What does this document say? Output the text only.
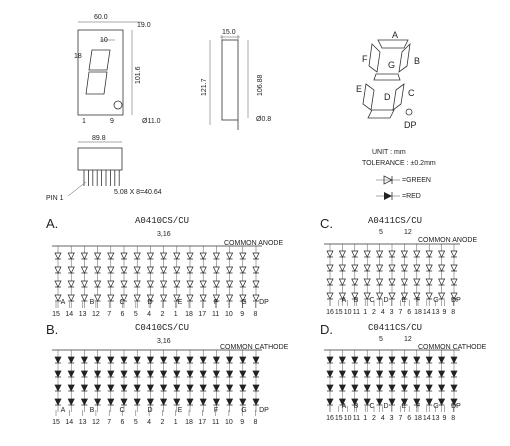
60.0
19.0
10
18
101.6
1	9	Ø11.0
15.0
121.7	106.88
Ø0.8
A
B
C
D
E
F
G
DP
89.8
PIN 1
5.08 X 8=40.64
UNIT : mm
TOLERANCE : ±0.2mm
=GREEN
=RED
A.	A0410CS/CU
3,16
COMMON ANODE
A	B	C	D	E	F	G DP
15 14 13 12 7 6 5 4 2 1 18 17 11 10 9 8
B.	C0410CS/CU
3,16
COMMON CATHODE
A	B	C	D	E	F	G DP
15 14 13 12 7 6 5 4 2 1 18 17 11 10 9 8
C.	A0411CS/CU
5	12
COMMON ANODE
A B C D E F G DP
16 15 10 11 1 2 4 3 7 6 18 14 13 9 8
D.	C0411CS/CU
5	12
COMMON CATHODE
A B C D E F G DP
16 15 10 11 1 2 4 3 7 6 18 14 13 9 8
